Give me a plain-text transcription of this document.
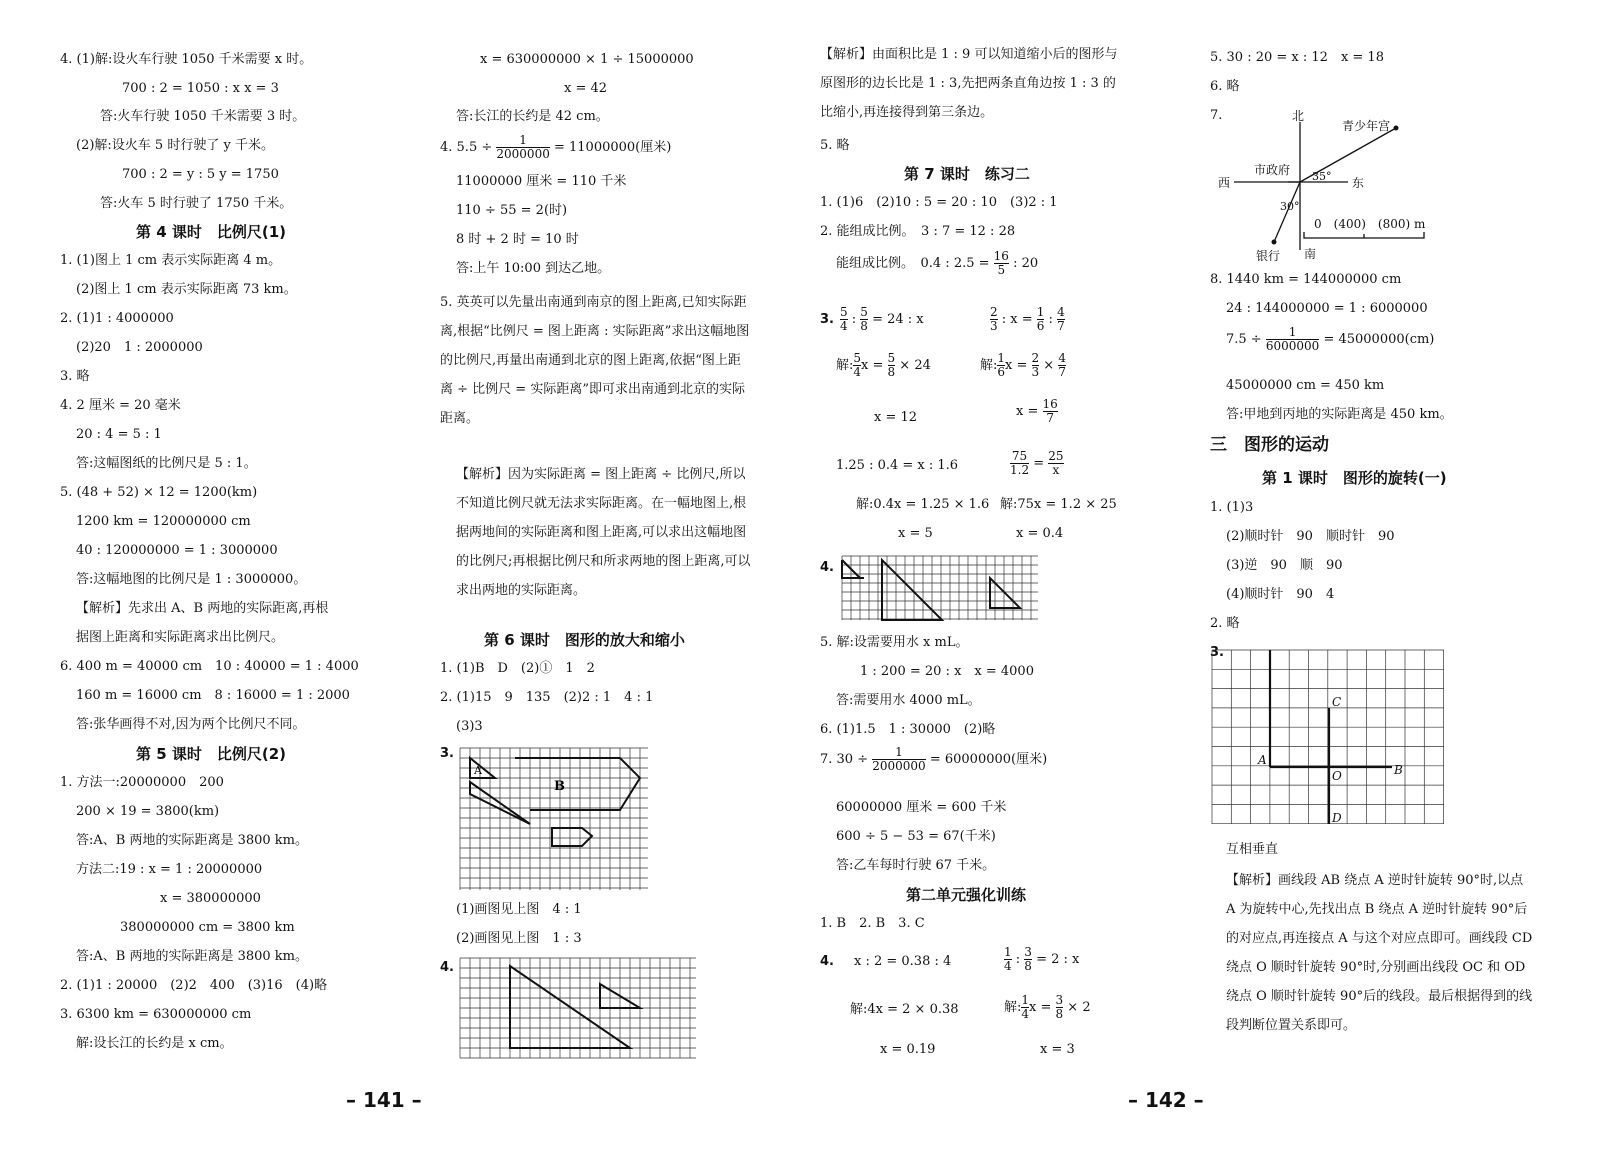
4. (1)解:设火车行驶 1050 千米需要 x 时。
700 : 2 = 1050 : x x = 3
答:火车行驶 1050 千米需要 3 时。
(2)解:设火车 5 时行驶了 y 千米。
700 : 2 = y : 5 y = 1750
答:火车 5 时行驶了 1750 千米。
第 4 课时　比例尺(1)
1. (1)图上 1 cm 表示实际距离 4 m。
(2)图上 1 cm 表示实际距离 73 km。
2. (1)1 : 4000000
(2)20　1 : 2000000
3. 略
4. 2 厘米 = 20 毫米
20 : 4 = 5 : 1
答:这幅图纸的比例尺是 5 : 1。
5. (48 + 52) × 12 = 1200(km)
1200 km = 120000000 cm
40 : 120000000 = 1 : 3000000
答:这幅地图的比例尺是 1 : 3000000。
【解析】先求出 A、B 两地的实际距离,再根
据图上距离和实际距离求出比例尺。
6. 400 m = 40000 cm　10 : 40000 = 1 : 4000
160 m = 16000 cm　8 : 16000 = 1 : 2000
答:张华画得不对,因为两个比例尺不同。
第 5 课时　比例尺(2)
1. 方法一:20000000　200
200 × 19 = 3800(km)
答:A、B 两地的实际距离是 3800 km。
方法二:19 : x = 1 : 20000000
x = 380000000
380000000 cm = 3800 km
答:A、B 两地的实际距离是 3800 km。
2. (1)1 : 20000　(2)2　400　(3)16　(4)略
3. 6300 km = 630000000 cm
解:设长江的长约是 x cm。
x = 630000000 × 1 ÷ 15000000
x = 42
答:长江的长约是 42 cm。
4. $5.5 \div \frac{1}{2000000} = 11000000$(厘米)
11000000 厘米 = 110 千米
110 ÷ 55 = 2(时)
8 时 + 2 时 = 10 时
答:上午 10:00 到达乙地。
5. 英英可以先量出南通到南京的图上距离,已知实际距离,根据“比例尺 = 图上距离 : 实际距离”求出这幅地图的比例尺,再量出南通到北京的图上距离,依据“图上距离 ÷ 比例尺 = 实际距离”即可求出南通到北京的实际距离。
【解析】因为实际距离 = 图上距离 ÷ 比例尺,所以不知道比例尺就无法求实际距离。在一幅地图上,根据两地间的实际距离和图上距离,可以求出这幅地图的比例尺;再根据比例尺和所求两地的图上距离,可以求出两地的实际距离。
第 6 课时　图形的放大和缩小
1. (1)B　D　(2)①　1　2
2. (1)15　9　135　(2)2 : 1　4 : 1
(3)3
3.
(1)画图见上图　4 : 1
(2)画图见上图　1 : 3
4.
A
B
【解析】由面积比是 1 : 9 可以知道缩小后的图形与原图形的边长比是 1 : 3,先把两条直角边按 1 : 3 的比缩小,再连接得到第三条边。
5. 略
第 7 课时　练习二
1. (1)6　(2)10 : 5 = 20 : 10　(3)2 : 1
2. 能组成比例。　3 : 7 = 12 : 28
能组成比例。　0.4 : $2.5 = \frac{16}{5}$ : 20
3. $\frac{5}{4}$ : $\frac{5}{8} = 24$ : x	$\frac{2}{3}$ : $x = \frac{1}{6}$ : $\frac{4}{7}$
解: $\frac{5}{4}$ $x = \frac{5}{8} \times 24$	解: $\frac{1}{6}$ $x = \frac{2}{3} \times \frac{4}{7}$
x = 12	$x = \frac{16}{7}$
1.25 : 0.4 = x : 1.6	$\frac{75}{1.2} = \frac{25}{x}$
解:0.4x = 1.25 × 1.6 解:75x = 1.2 × 25
x = 5	x = 0.4
4.
5. 解:设需要用水 x mL。
1 : 200 = 20 : x　x = 4000
答:需要用水 4000 mL。
6. (1)1.5　1 : 30000　(2)略
7. $30 \div \frac{1}{2000000} = 60000000$(厘米)
60000000 厘米 = 600 千米
600 ÷ 5 − 53 = 67(千米)
答:乙车每时行驶 67 千米。
第二单元强化训练
1. B　2. B　3. C
4. x : 2 = 0.38 : 4	$\frac{1}{4}$ : $\frac{3}{8} = 2$ : x
解:4x = 2 × 0.38	解: $\frac{1}{4}$ $x = \frac{3}{8} \times 2$
x = 0.19	x = 3
5. 30 : 20 = x : 12　x = 18
6. 略
7.
8. 1440 km = 144000000 cm
24 : 144000000 = 1 : 6000000
$7.5 \div \frac{1}{6000000} = 45000000(cm)$
45000000 cm = 450 km
答:甲地到丙地的实际距离是 450 km。
三　图形的运动
第 1 课时　图形的旋转(一)
1. (1)3
(2)顺时针　90　顺时针　90
(3)逆　90　顺　90
(4)顺时针　90　4
2. 略
3.
互相垂直
【解析】画线段 AB 绕点 A 逆时针旋转 90°时,以点 A 为旋转中心,先找出点 B 绕点 A 逆时针旋转 90°后的对应点,再连接点 A 与这个对应点即可。画线段 CD 绕点 O 顺时针旋转 90°时,分别画出线段 OC 和 OD 绕点 O 顺时针旋转 90°后的线段。最后根据得到的线段判断位置关系即可。
北
南
东
西
青少年宫
市政府
银行
35°
30°
0　(400)　(800) m
A
B
C
D
O
– 141 –	– 142 –
